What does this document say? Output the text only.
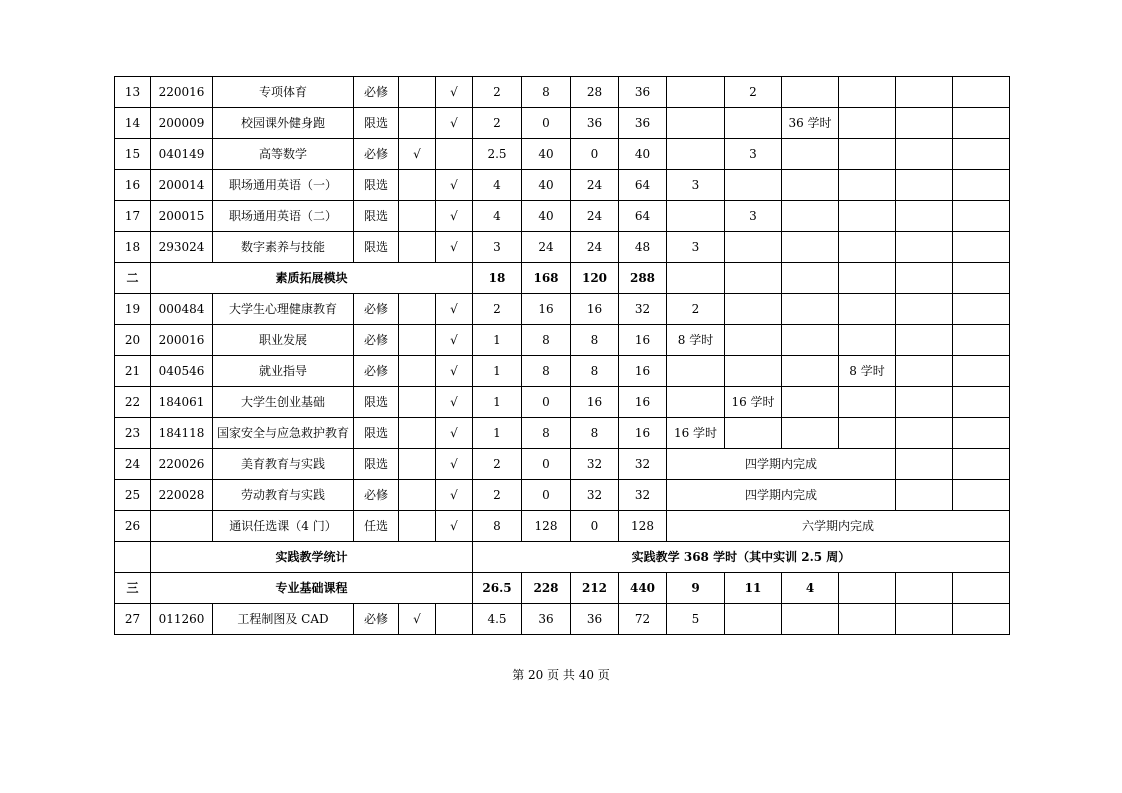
13	220016	专项体育	必修		√	2	8	28	36		2				
14	200009	校园课外健身跑	限选		√	2	0	36	36			36 学时			
15	040149	高等数学	必修	√		2.5	40	0	40		3				
16	200014	职场通用英语（一）	限选		√	4	40	24	64	3					
17	200015	职场通用英语（二）	限选		√	4	40	24	64		3				
18	293024	数字素养与技能	限选		√	3	24	24	48	3					
二	素质拓展模块					18	168	120	288						
19	000484	大学生心理健康教育	必修		√	2	16	16	32	2					
20	200016	职业发展	必修		√	1	8	8	16	8 学时					
21	040546	就业指导	必修		√	1	8	8	16				8 学时		
22	184061	大学生创业基础	限选		√	1	0	16	16		16 学时				
23	184118	国家安全与应急救护教育	限选		√	1	8	8	16	16 学时					
24	220026	美育教育与实践	限选		√	2	0	32	32	四学期内完成					
25	220028	劳动教育与实践	必修		√	2	0	32	32	四学期内完成					
26		通识任选课（4 门）	任选		√	8	128	0	128	六学期内完成					
	实践教学统计					实践教学 368 学时（其中实训 2.5 周）									
三	专业基础课程					26.5	228	212	440	9	11	4			
27	011260	工程制图及 CAD	必修	√		4.5	36	36	72	5					
第 20 页 共 40 页
